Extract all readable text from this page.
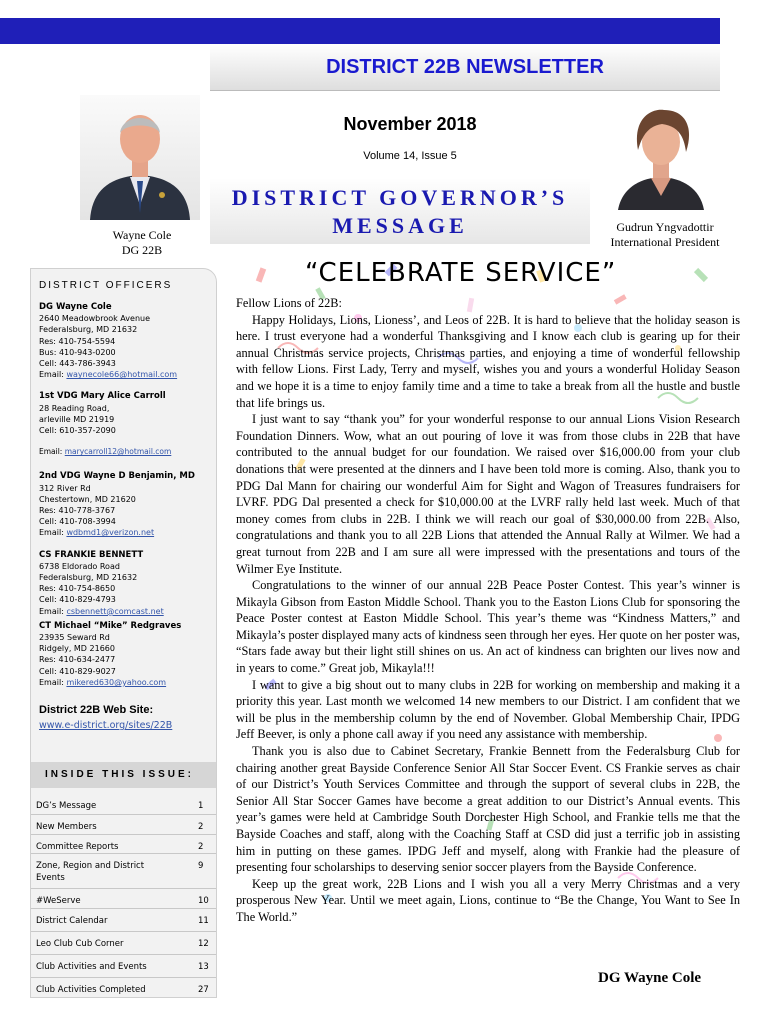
DISTRICT 22B NEWSLETTER
November 2018
Volume 14, Issue 5
Wayne Cole
DG 22B
Gudrun Yngvadottir
International President
DISTRICT GOVERNOR’S
MESSAGE
“CELEBRATE SERVICE”

Fellow Lions of 22B:

Happy Holidays, Lions, Lioness’, and Leos of 22B. It is hard to believe that the holiday season is here. I trust everyone had a wonderful Thanksgiving and I know each club is gearing up for their annual Christmas service projects, Christmas parties, and enjoying a time of wonderful fellowship with fellow Lions. First Lady, Terry and myself, wishes you and yours a wonderful Holiday Season and we hope it is a time to enjoy family time and a time to take a break from all the hustle and bustle that life brings us.

I just want to say “thank you” for your wonderful response to our annual Lions Vision Research Foundation Dinners. Wow, what an out pouring of love it was from those clubs in 22B that have contributed to the annual budget for our foundation. We raised over $16,000.00 from your club donations that were presented at the dinners and I have been told more is coming. Also, thank you to PDG Dal Mann for chairing our wonderful Aim for Sight and Wagon of Treasures fundraisers for LVRF. PDG Dal presented a check for $10,000.00 at the LVRF rally held last week. Much of that money comes from clubs in 22B. I think we will reach our goal of $30,000.00 from 22B. Also, congratulations and thank you to all 22B Lions that attended the Annual Rally at Wilmer. We had a great turnout from 22B and I am sure all were impressed with the presentations and tours of the Wilmer Eye Institute.

Congratulations to the winner of our annual 22B Peace Poster Contest. This year’s winner is Mikayla Gibson from Easton Middle School. Thank you to the Easton Lions Club for sponsoring the Peace Poster contest at Easton Middle School. This year’s theme was “Kindness Matters,” and Mikayla’s poster displayed many acts of kindness seen through her eyes. Her quote on her poster was, “Stars fade away but their light still shines on us. An act of kindness can brighten our lives now and in years to come.” Great job, Mikayla!!!

I want to give a big shout out to many clubs in 22B for working on membership and making it a priority this year. Last month we welcomed 14 new members to our District. I am confident that we will be plus in the membership column by the end of November. Global Membership Chair, IPDG Jeff Beever, is only a phone call away if you need any assistance with membership.

Thank you is also due to Cabinet Secretary, Frankie Bennett from the Federalsburg Club for chairing another great Bayside Conference Senior All Star Soccer Event. CS Frankie serves as chair of our District’s Youth Services Committee and through the support of several clubs in 22B, the Senior All Star Soccer Games have become a great addition to our District’s Annual events. This year’s games were held at Cambridge South Dorchester High School, and Frankie tells me that the Bayside Coaches and staff, along with the Coaching Staff at CSD did just a terrific job in assisting him in putting on these games. IPDG Jeff and myself, along with Frankie had the pleasure of presenting four scholarships to deserving senior soccer players from the Bayside Conference.

Keep up the great work, 22B Lions and I wish you all a very Merry Christmas and a very prosperous New Year. Until we meet again, Lions, continue to “Be the Change, You Want to See In The World.”

DG Wayne Cole
DISTRICT OFFICERS
DG Wayne Cole
2640 Meadowbrook Avenue
Federalsburg, MD 21632
Res: 410-754-5594
Bus: 410-943-0200
Cell: 443-786-3943
Email: waynecole66@hotmail.com
1st VDG Mary Alice Carroll
28 Reading Road,
arleville MD 21919
Cell: 610-357-2090
Email: marycarroll12@hotmail.com
2nd VDG Wayne D Benjamin, MD
312 River Rd
Chestertown, MD 21620
Res: 410-778-3767
Cell: 410-708-3994
Email: wdbmd1@verizon.net
CS FRANKIE BENNETT
6738 Eldorado Road
Federalsburg, MD 21632
Res: 410-754-8650
Cell: 410-829-4793
Email: csbennett@comcast.net
CT Michael “Mike” Redgraves
23935 Seward Rd
Ridgely, MD 21660
Res: 410-634-2477
Cell: 410-829-9027
Email: mikered630@yahoo.com
District 22B Web Site:
www.e-district.org/sites/22B
INSIDE THIS ISSUE:
DG’s Message	1
New Members	2
Committee Reports	2
Zone, Region and District Events
9
#WeServe	10
District Calendar	11
Leo Club Cub Corner	12
Club Activities and Events	13
Club Activities Completed	27
